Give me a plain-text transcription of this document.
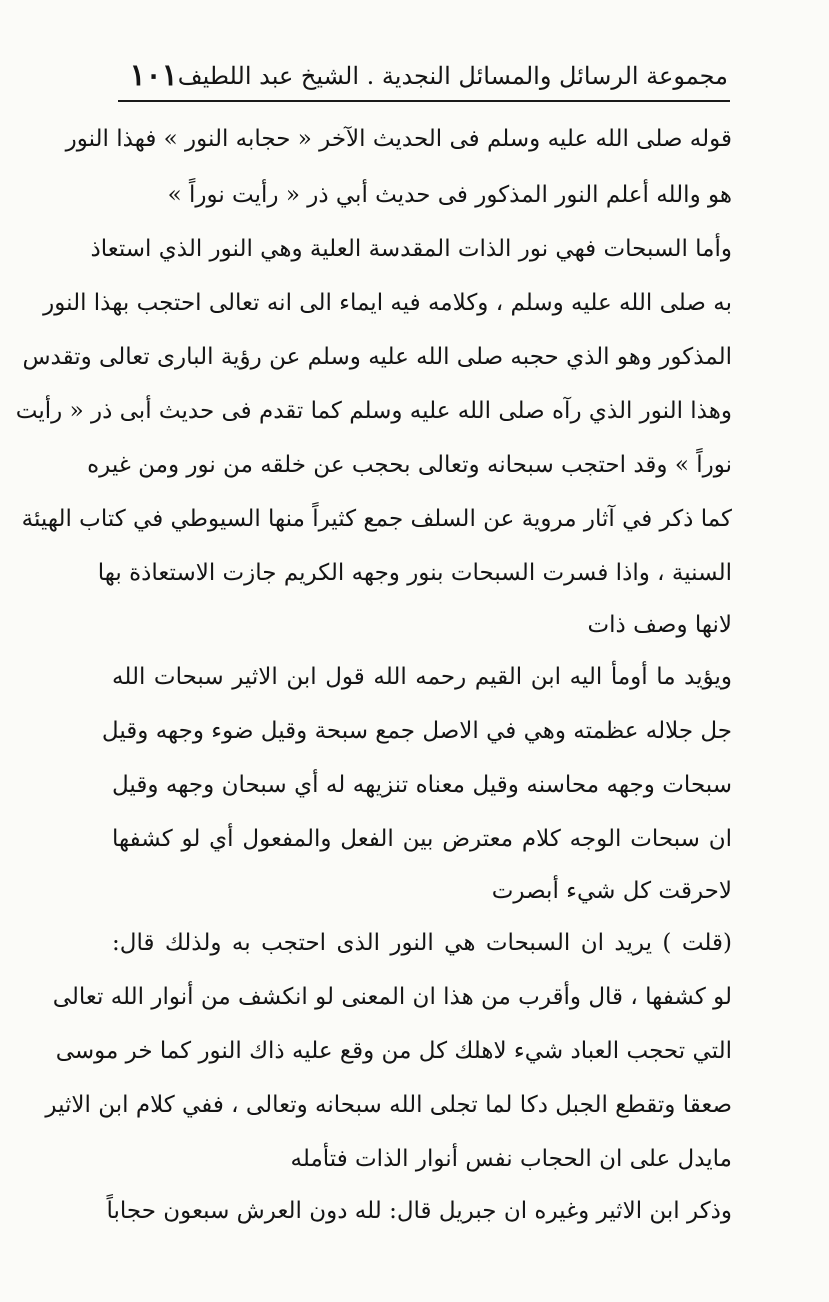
مجموعة الرسائل والمسائل النجدية . الشيخ عبد اللطيف
١٠١
قوله صلى الله عليه وسلم فى الحديث الآخر « حجابه النور » فهذا النور
هو والله أعلم النور المذكور فى حديث أبي ذر « رأيت نوراً »
وأما السبحات فهي نور الذات المقدسة العلية وهي النور الذي استعاذ
به صلى الله عليه وسلم ، وكلامه فيه ايماء الى انه تعالى احتجب بهذا النور
المذكور وهو الذي حجبه صلى الله عليه وسلم عن رؤية البارى تعالى وتقدس
وهذا النور الذي رآه صلى الله عليه وسلم كما تقدم فى حديث أبى ذر « رأيت
نوراً » وقد احتجب سبحانه وتعالى بحجب عن خلقه من نور ومن غيره
كما ذكر في آثار مروية عن السلف جمع كثيراً منها السيوطي في كتاب الهيئة
السنية ، واذا فسرت السبحات بنور وجهه الكريم جازت الاستعاذة بها
لانها وصف ذات
ويؤيد ما أومأ اليه ابن القيم رحمه الله قول ابن الاثير سبحات الله
جل جلاله عظمته وهي في الاصل جمع سبحة وقيل ضوء وجهه وقيل
سبحات وجهه محاسنه وقيل معناه تنزيهه له أي سبحان وجهه وقيل
ان سبحات الوجه كلام معترض بين الفعل والمفعول أي لو كشفها
لاحرقت كل شيء أبصرت
(قلت ) يريد ان السبحات هي النور الذى احتجب به ولذلك قال:
لو كشفها ، قال وأقرب من هذا ان المعنى لو انكشف من أنوار الله تعالى
التي تحجب العباد شيء لاهلك كل من وقع عليه ذاك النور كما خر موسى
صعقا وتقطع الجبل دكا لما تجلى الله سبحانه وتعالى ، ففي كلام ابن الاثير
مايدل على ان الحجاب نفس أنوار الذات فتأمله
وذكر ابن الاثير وغيره ان جبريل قال: لله دون العرش سبعون حجاباً
